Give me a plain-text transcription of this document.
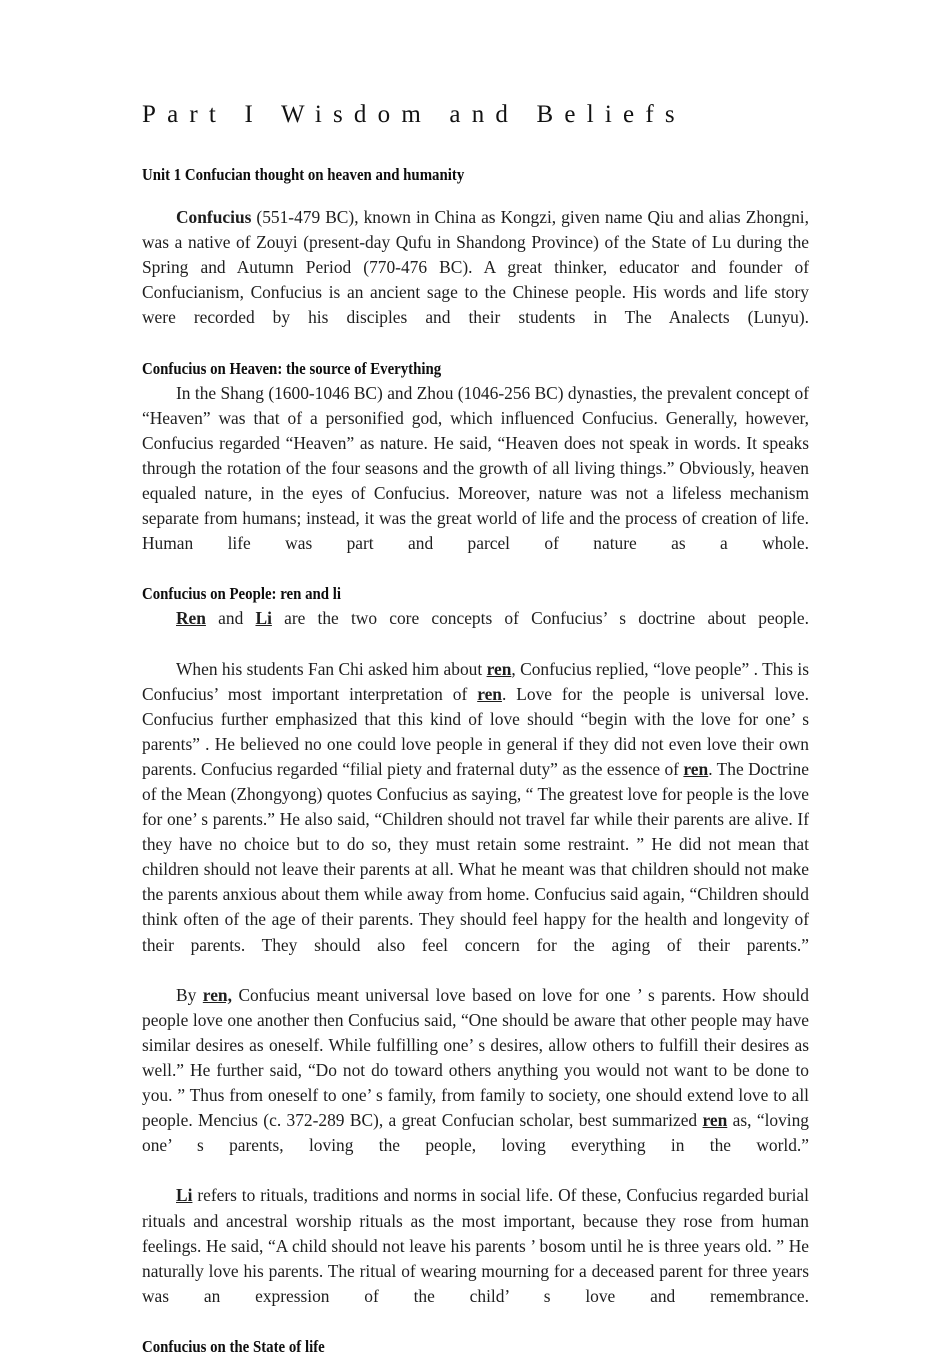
Part I Wisdom and Beliefs
Unit 1 Confucian thought on heaven and humanity

Confucius (551-479 BC), known in China as Kongzi, given name Qiu and alias Zhongni, was a native of Zouyi (present-day Qufu in Shandong Province) of the State of Lu during the Spring and Autumn Period (770-476 BC). A great thinker, educator and founder of Confucianism, Confucius is an ancient sage to the Chinese people. His words and life story were recorded by his disciples and their students in The Analects (Lunyu).

Confucius on Heaven: the source of Everything

In the Shang (1600-1046 BC) and Zhou (1046-256 BC) dynasties, the prevalent concept of “Heaven” was that of a personified god, which influenced Confucius. Generally, however, Confucius regarded “Heaven” as nature. He said, “Heaven does not speak in words. It speaks through the rotation of the four seasons and the growth of all living things.” Obviously, heaven equaled nature, in the eyes of Confucius. Moreover, nature was not a lifeless mechanism separate from humans; instead, it was the great world of life and the process of creation of life. Human life was part and parcel of nature as a whole.

Confucius on People: ren and li

Ren and Li are the two core concepts of Confucius’ s doctrine about people.

When his students Fan Chi asked him about ren, Confucius replied, “love people” . This is Confucius’ most important interpretation of ren. Love for the people is universal love. Confucius further emphasized that this kind of love should “begin with the love for one’ s parents” . He believed no one could love people in general if they did not even love their own parents. Confucius regarded “filial piety and fraternal duty” as the essence of ren. The Doctrine of the Mean (Zhongyong) quotes Confucius as saying, “ The greatest love for people is the love for one’ s parents.” He also said, “Children should not travel far while their parents are alive. If they have no choice but to do so, they must retain some restraint. ” He did not mean that children should not leave their parents at all. What he meant was that children should not make the parents anxious about them while away from home. Confucius said again, “Children should think often of the age of their parents. They should feel happy for the health and longevity of their parents. They should also feel concern for the aging of their parents.”

By ren, Confucius meant universal love based on love for one ’ s parents. How should people love one another then Confucius said, “One should be aware that other people may have similar desires as oneself. While fulfilling one’ s desires, allow others to fulfill their desires as well.” He further said, “Do not do toward others anything you would not want to be done to you. ” Thus from oneself to one’ s family, from family to society, one should extend love to all people. Mencius (c. 372-289 BC), a great Confucian scholar, best summarized ren as, “loving one’ s parents, loving the people, loving everything in the world.”

Li refers to rituals, traditions and norms in social life. Of these, Confucius regarded burial rituals and ancestral worship rituals as the most important, because they rose from human feelings. He said, “A child should not leave his parents ’ bosom until he is three years old. ” He naturally love his parents. The ritual of wearing mourning for a deceased parent for three years was an expression of the child’ s love and remembrance.

Confucius on the State of life
